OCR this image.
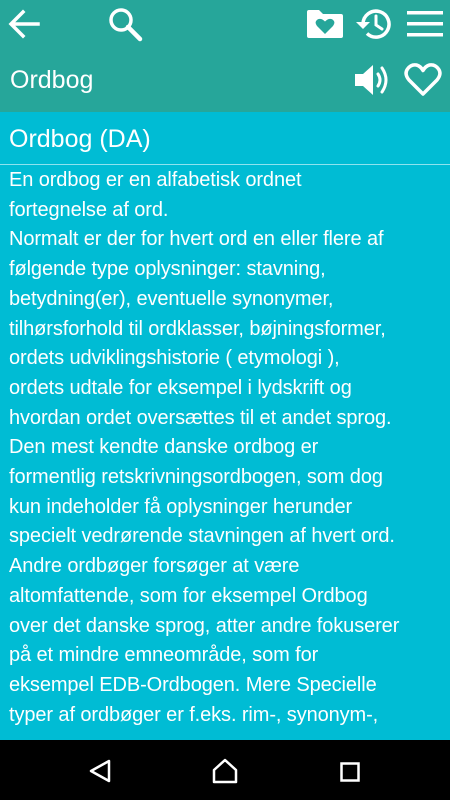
Ordbog
Ordbog (DA)
En ordbog er en alfabetisk ordnet
fortegnelse af ord.
Normalt er der for hvert ord en eller flere af
følgende type oplysninger: stavning,
betydning(er), eventuelle synonymer,
tilhørsforhold til ordklasser, bøjningsformer,
ordets udviklingshistorie ( etymologi ),
ordets udtale for eksempel i lydskrift og
hvordan ordet oversættes til et andet sprog.
Den mest kendte danske ordbog er
formentlig retskrivningsordbogen, som dog
kun indeholder få oplysninger herunder
specielt vedrørende stavningen af hvert ord.
Andre ordbøger forsøger at være
altomfattende, som for eksempel Ordbog
over det danske sprog, atter andre fokuserer
på et mindre emneområde, som for
eksempel EDB-Ordbogen. Mere Specielle
typer af ordbøger er f.eks. rim-, synonym-,
